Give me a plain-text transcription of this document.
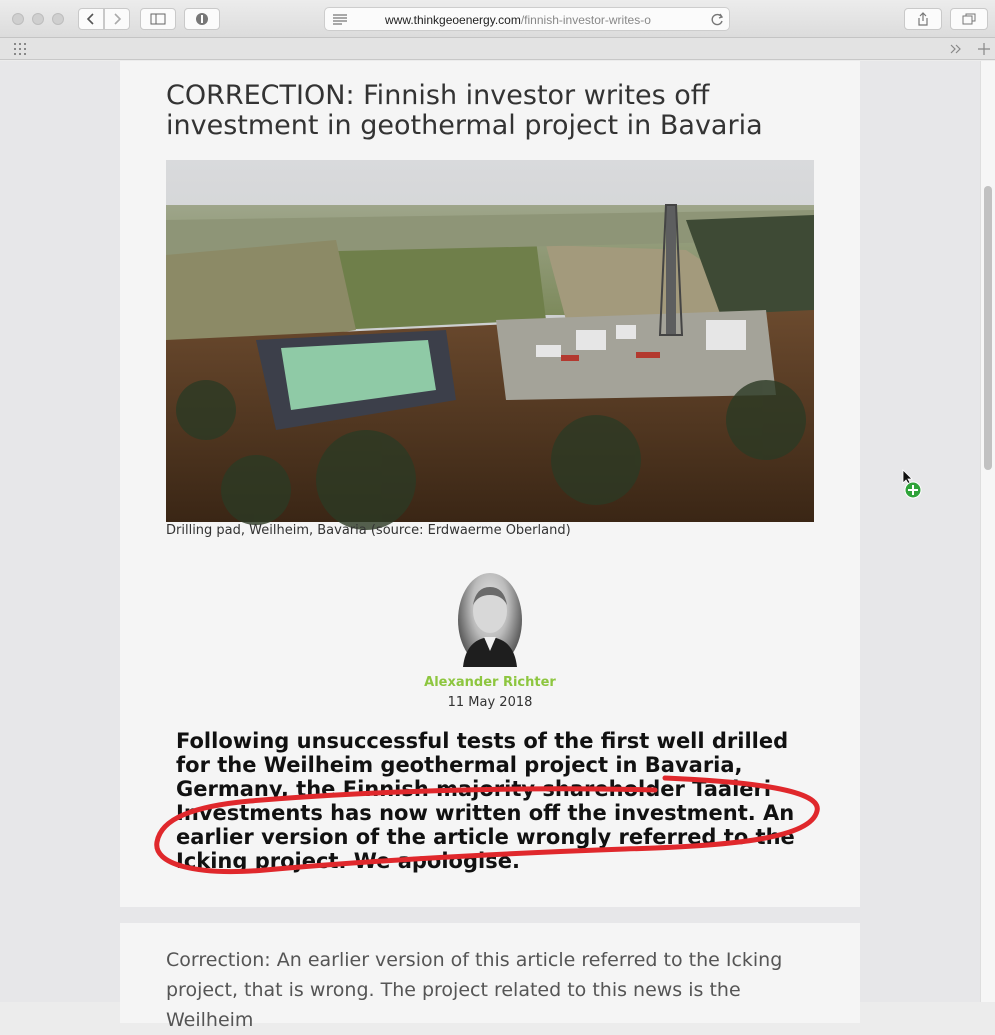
www.thinkgeoenergy.com/finnish-investor-writes-o
CORRECTION: Finnish investor writes off investment in geothermal project in Bavaria
Drilling pad, Weilheim, Bavaria (source: Erdwaerme Oberland)
Alexander Richter
11 May 2018

Following unsuccessful tests of the first well drilled for the Weilheim geothermal project in Bavaria, Germany, the Finnish majority shareholder Taaleri Investments has now written off the investment. An earlier version of the article wrongly referred to the Icking project. We apologise.

Correction: An earlier version of this article referred to the Icking project, that is wrong. The project related to this news is the Weilheim
